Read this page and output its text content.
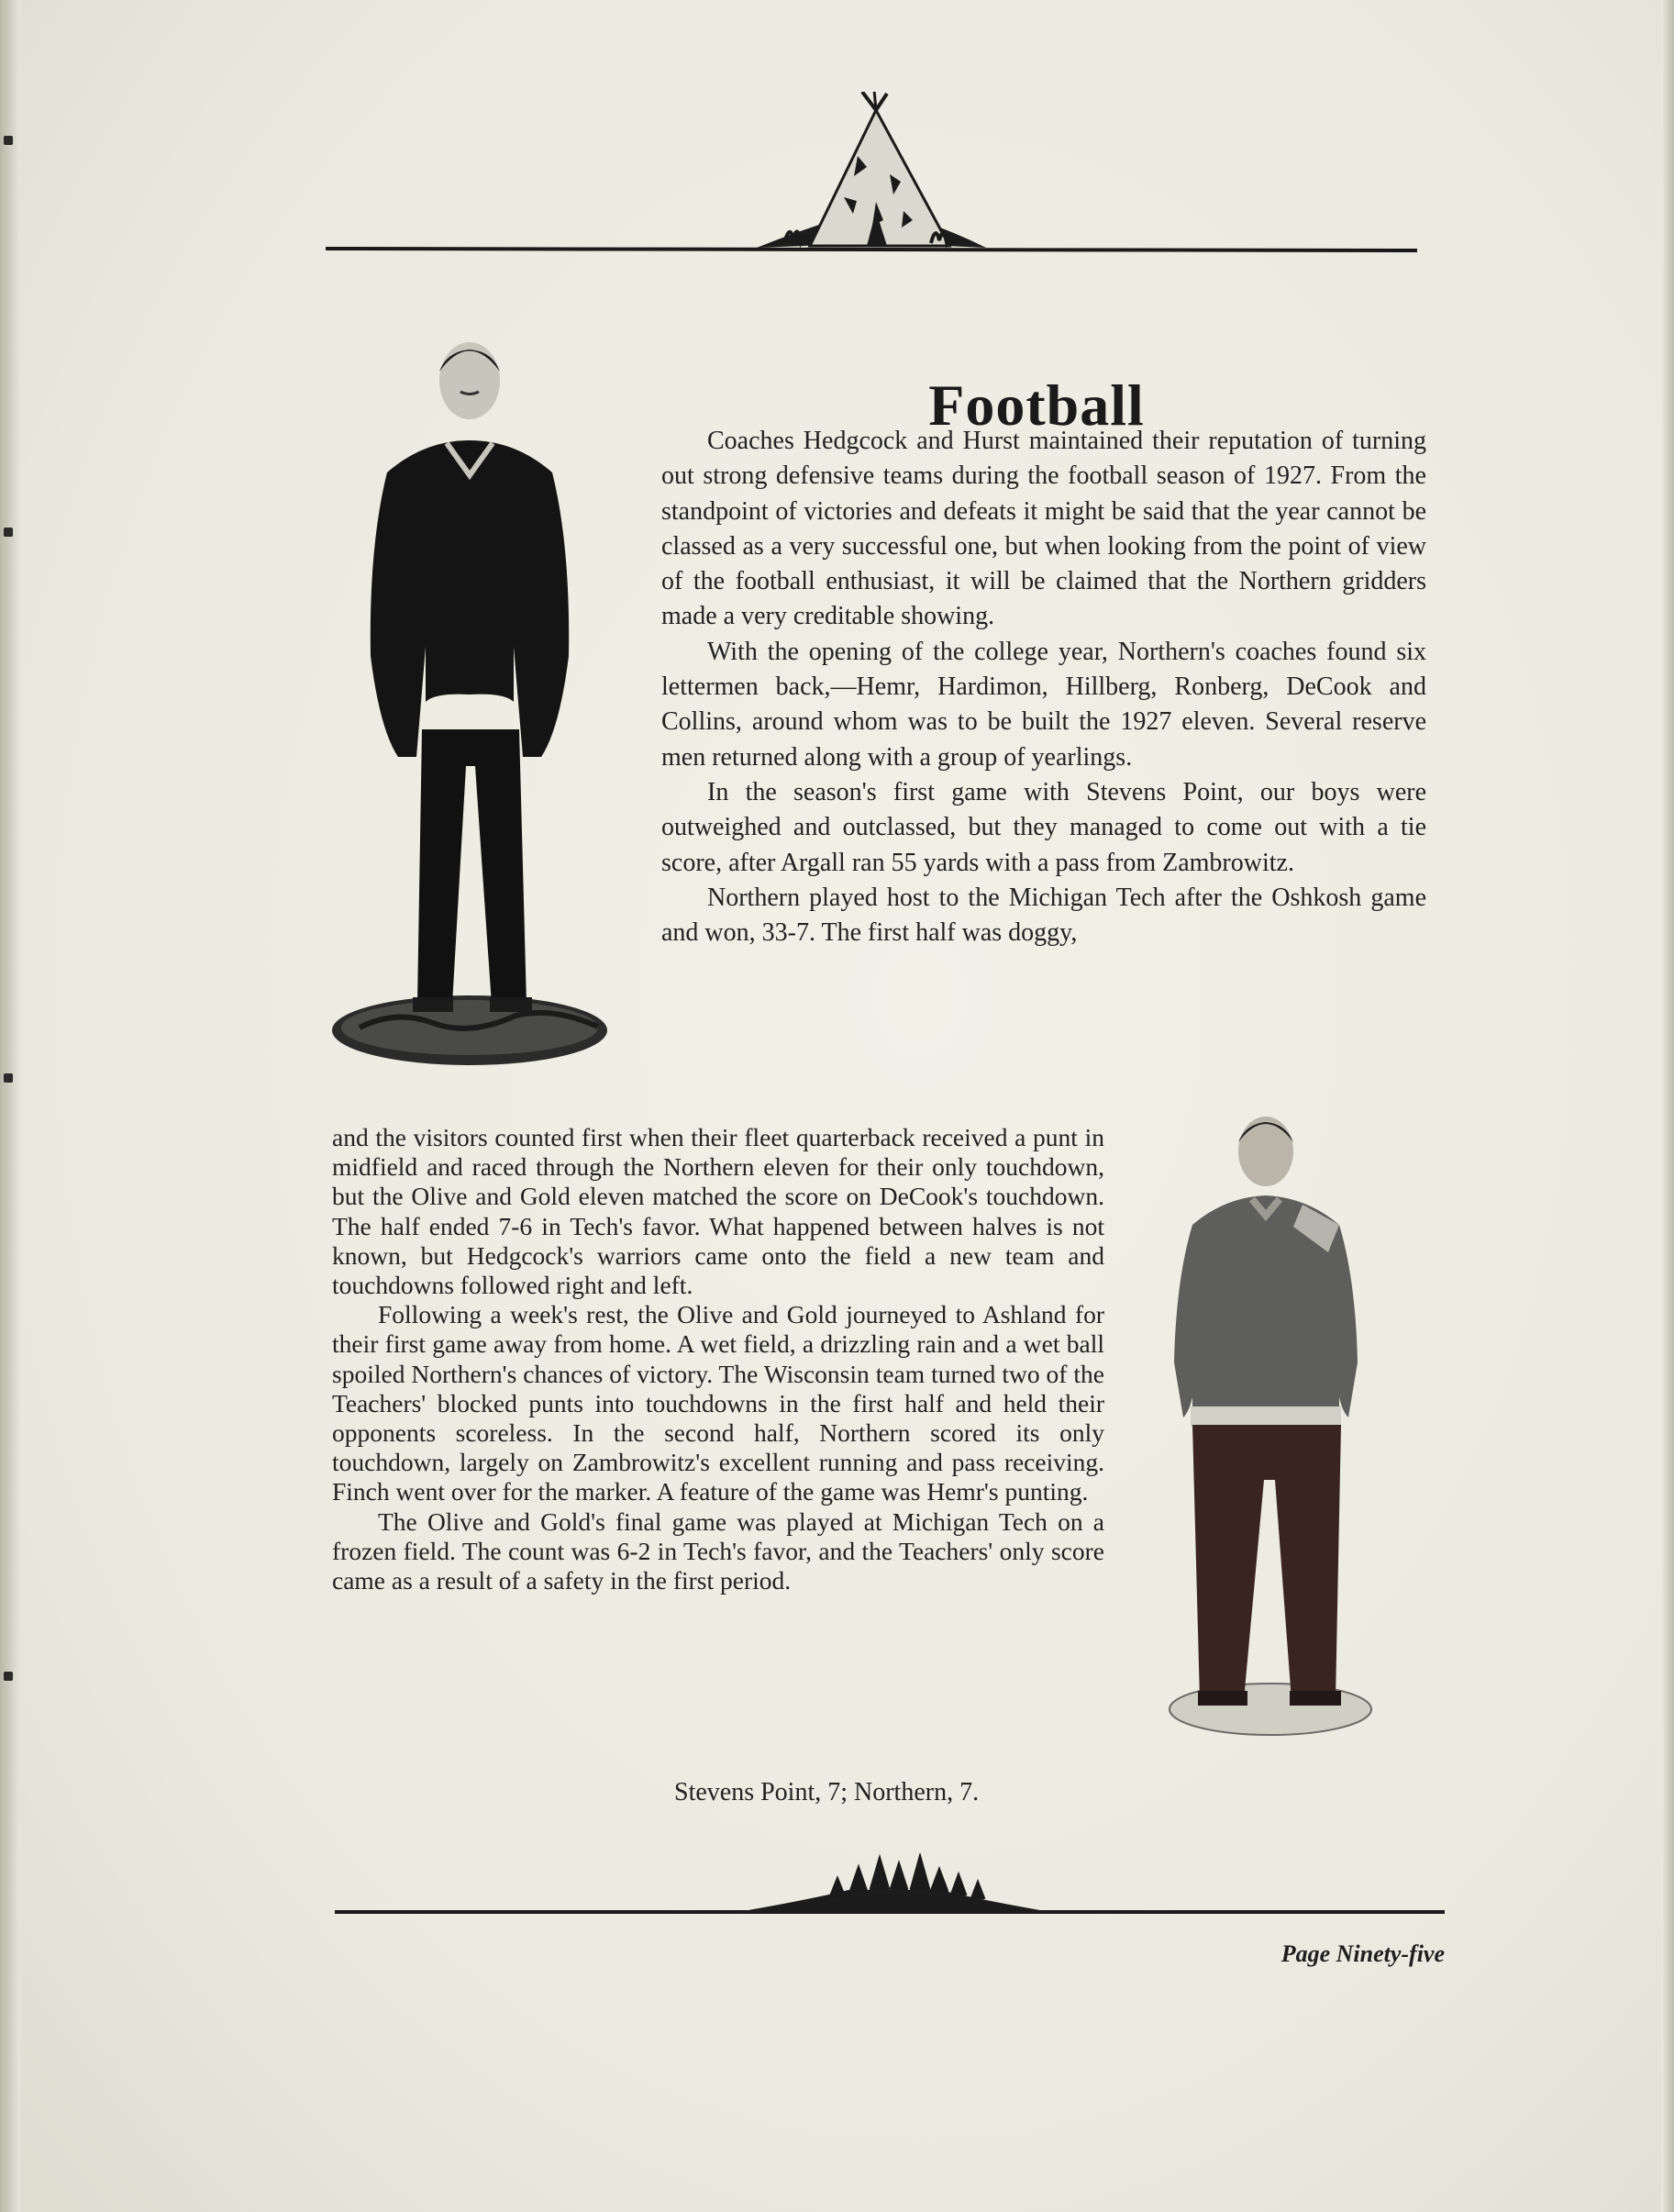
Football

Coaches Hedgcock and Hurst maintained their reputation of turning out strong defensive teams during the football season of 1927. From the standpoint of victories and defeats it might be said that the year cannot be classed as a very successful one, but when looking from the point of view of the football enthusiast, it will be claimed that the Northern gridders made a very creditable showing.

With the opening of the college year, Northern's coaches found six lettermen back,—Hemr, Hardimon, Hillberg, Ronberg, DeCook and Collins, around whom was to be built the 1927 eleven. Several reserve men returned along with a group of yearlings.

In the season's first game with Stevens Point, our boys were outweighed and outclassed, but they managed to come out with a tie score, after Argall ran 55 yards with a pass from Zambrowitz.

Northern played host to the Michigan Tech after the Oshkosh game and won, 33-7. The first half was doggy,

and the visitors counted first when their fleet quarterback received a punt in midfield and raced through the Northern eleven for their only touchdown, but the Olive and Gold eleven matched the score on DeCook's touchdown. The half ended 7-6 in Tech's favor. What happened between halves is not known, but Hedgcock's warriors came onto the field a new team and touchdowns followed right and left.

Following a week's rest, the Olive and Gold journeyed to Ashland for their first game away from home. A wet field, a drizzling rain and a wet ball spoiled Northern's chances of victory. The Wisconsin team turned two of the Teachers' blocked punts into touchdowns in the first half and held their opponents scoreless. In the second half, Northern scored its only touchdown, largely on Zambrowitz's excellent running and pass receiving. Finch went over for the marker. A feature of the game was Hemr's punting.

The Olive and Gold's final game was played at Michigan Tech on a frozen field. The count was 6-2 in Tech's favor, and the Teachers' only score came as a result of a safety in the first period.

Stevens Point, 7; Northern, 7.
Page Ninety-five
